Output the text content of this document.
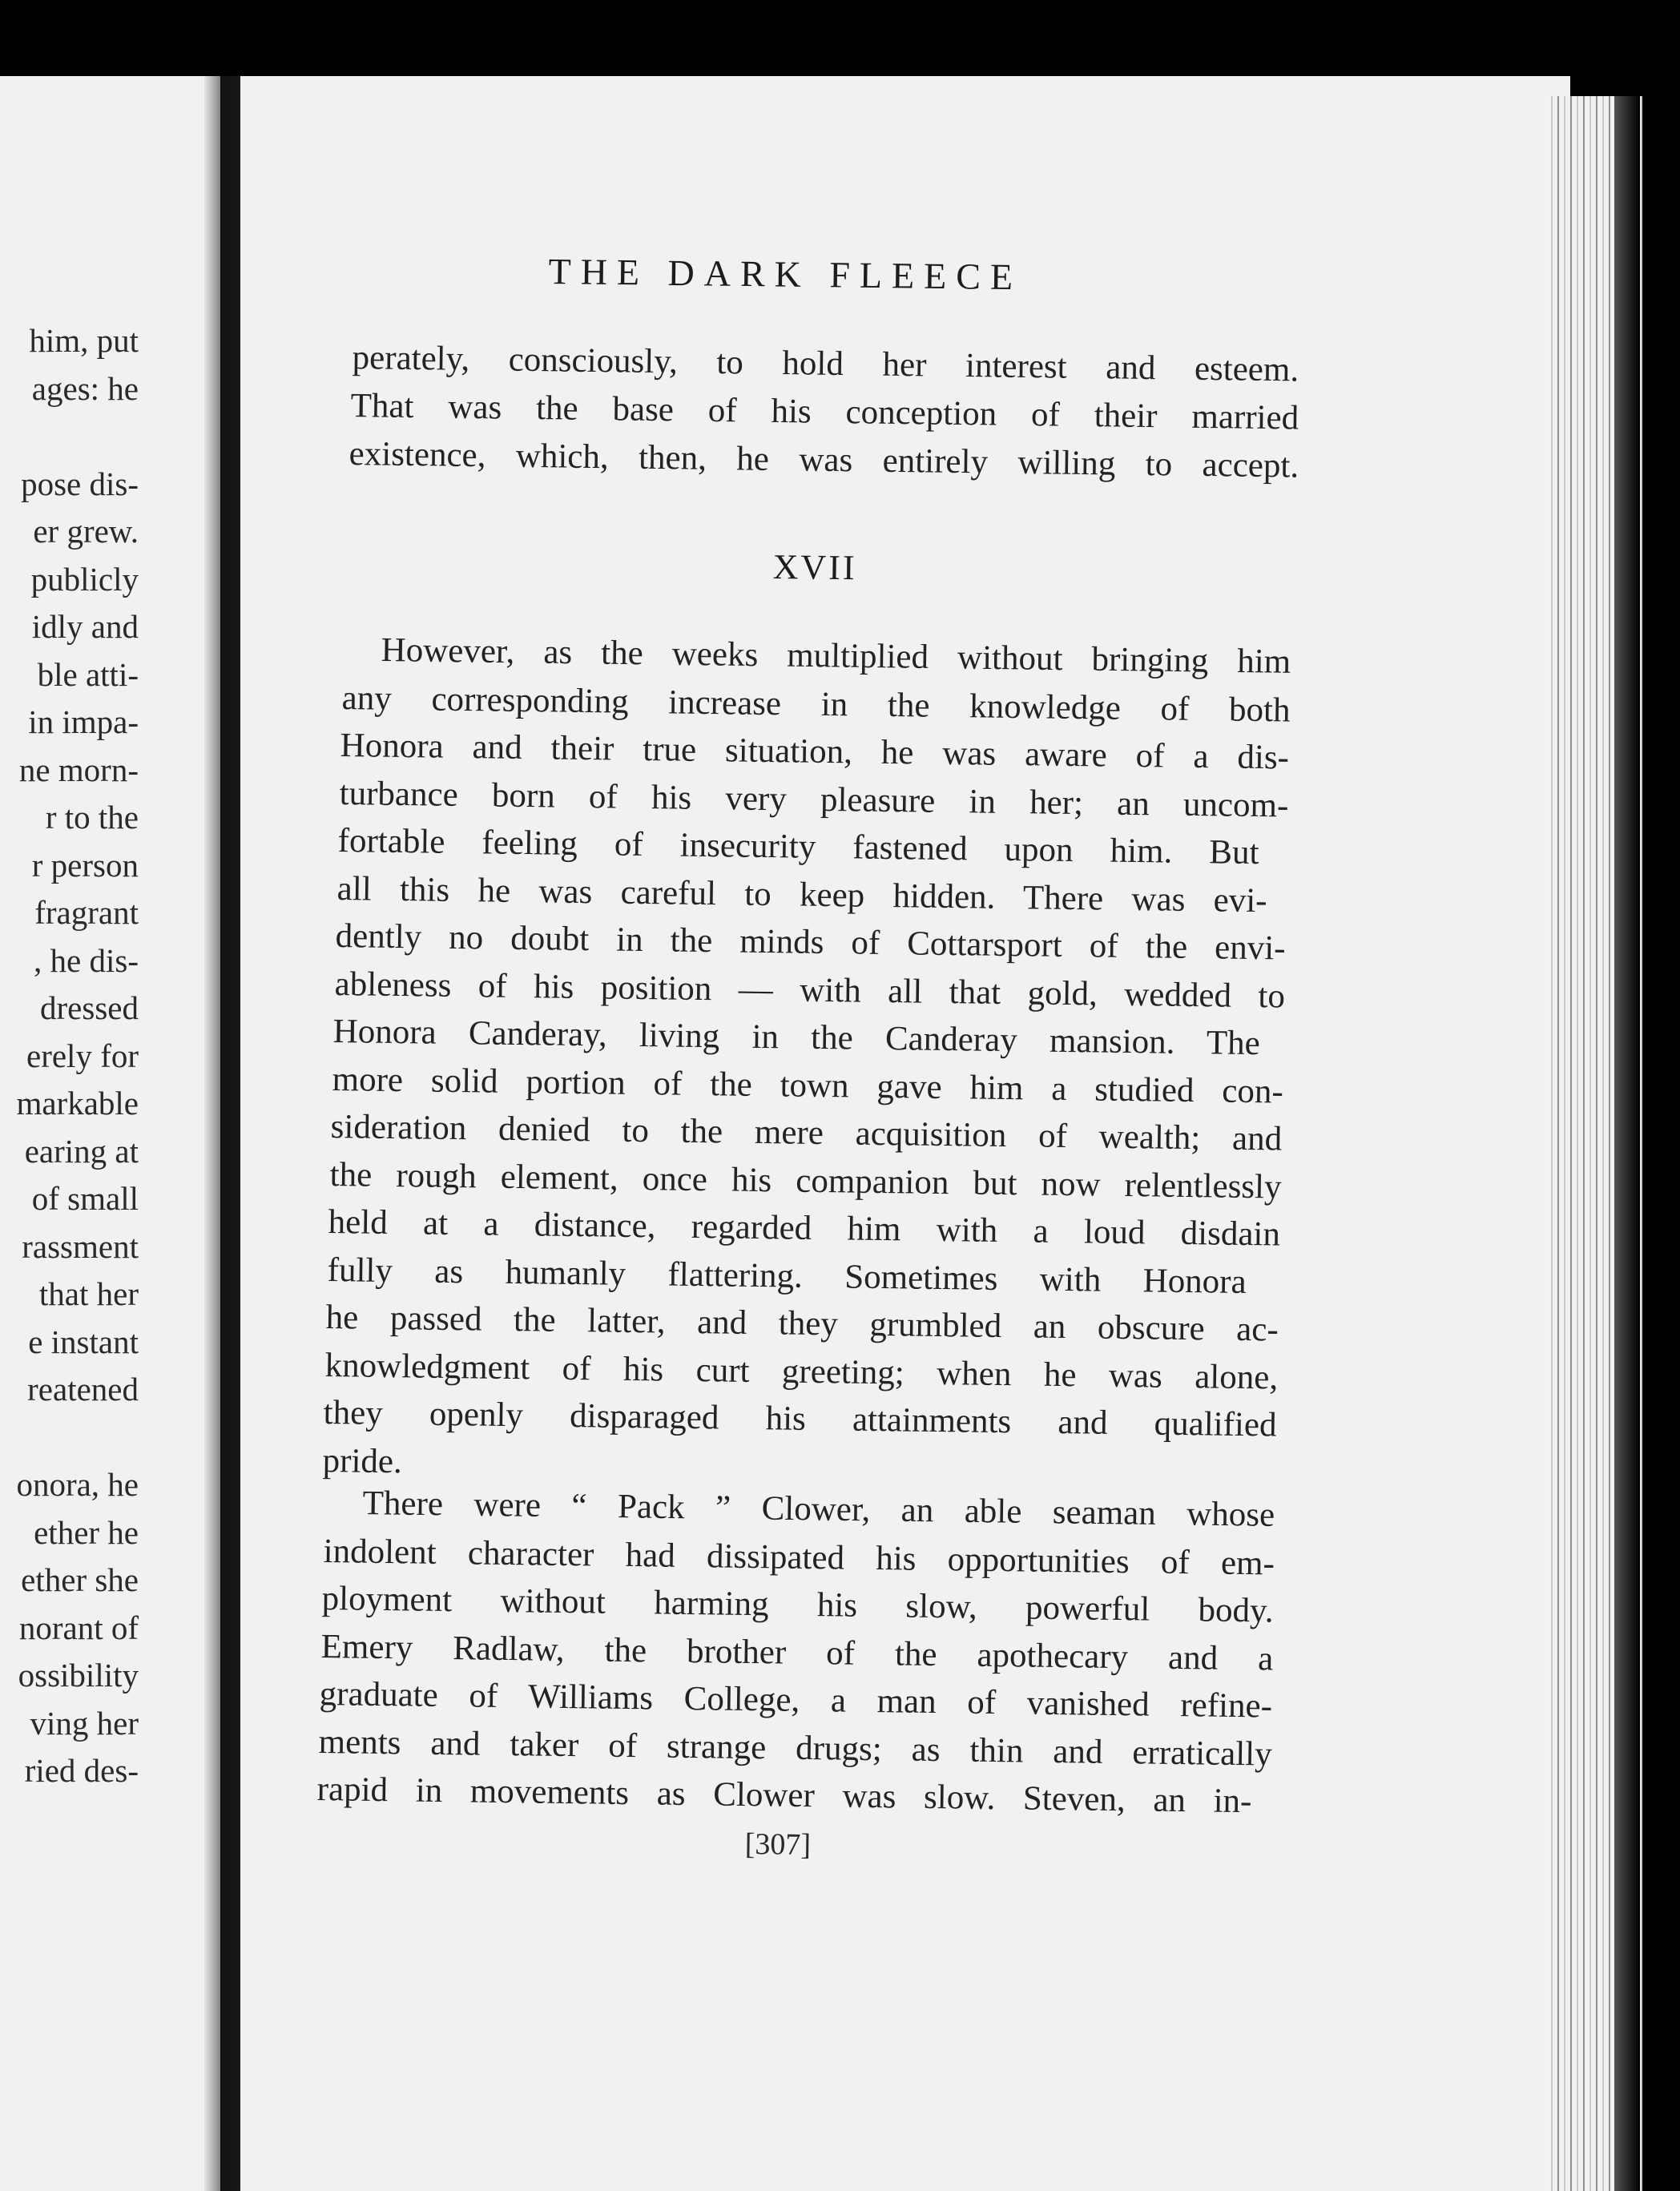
him, put
ages: he
pose dis-
er grew.
publicly
idly and
ble atti-
in impa-
ne morn-
r to the
r person
fragrant
, he dis-
dressed
erely for
markable
earing at
of small
rassment
that her
e instant
reatened
onora, he
ether he
ether she
norant of
ossibility
ving her
ried des-
THE DARK FLEECE
perately, consciously, to hold her interest and esteem.
That was the base of his conception of their married
existence, which, then, he was entirely willing to accept.
However, as the weeks multiplied without bringing him
any corresponding increase in the knowledge of both
Honora and their true situation, he was aware of a dis-
turbance born of his very pleasure in her; an uncom-
fortable feeling of insecurity fastened upon him. But
all this he was careful to keep hidden. There was evi-
dently no doubt in the minds of Cottarsport of the envi-
ableness of his position — with all that gold, wedded to
Honora Canderay, living in the Canderay mansion. The
more solid portion of the town gave him a studied con-
sideration denied to the mere acquisition of wealth; and
the rough element, once his companion but now relentlessly
held at a distance, regarded him with a loud disdain
fully as humanly flattering. Sometimes with Honora
he passed the latter, and they grumbled an obscure ac-
knowledgment of his curt greeting; when he was alone,
they openly disparaged his attainments and qualified
pride.
There were “ Pack ” Clower, an able seaman whose
indolent character had dissipated his opportunities of em-
ployment without harming his slow, powerful body.
Emery Radlaw, the brother of the apothecary and a
graduate of Williams College, a man of vanished refine-
ments and taker of strange drugs; as thin and erratically
rapid in movements as Clower was slow. Steven, an in-
XVII
[307]
